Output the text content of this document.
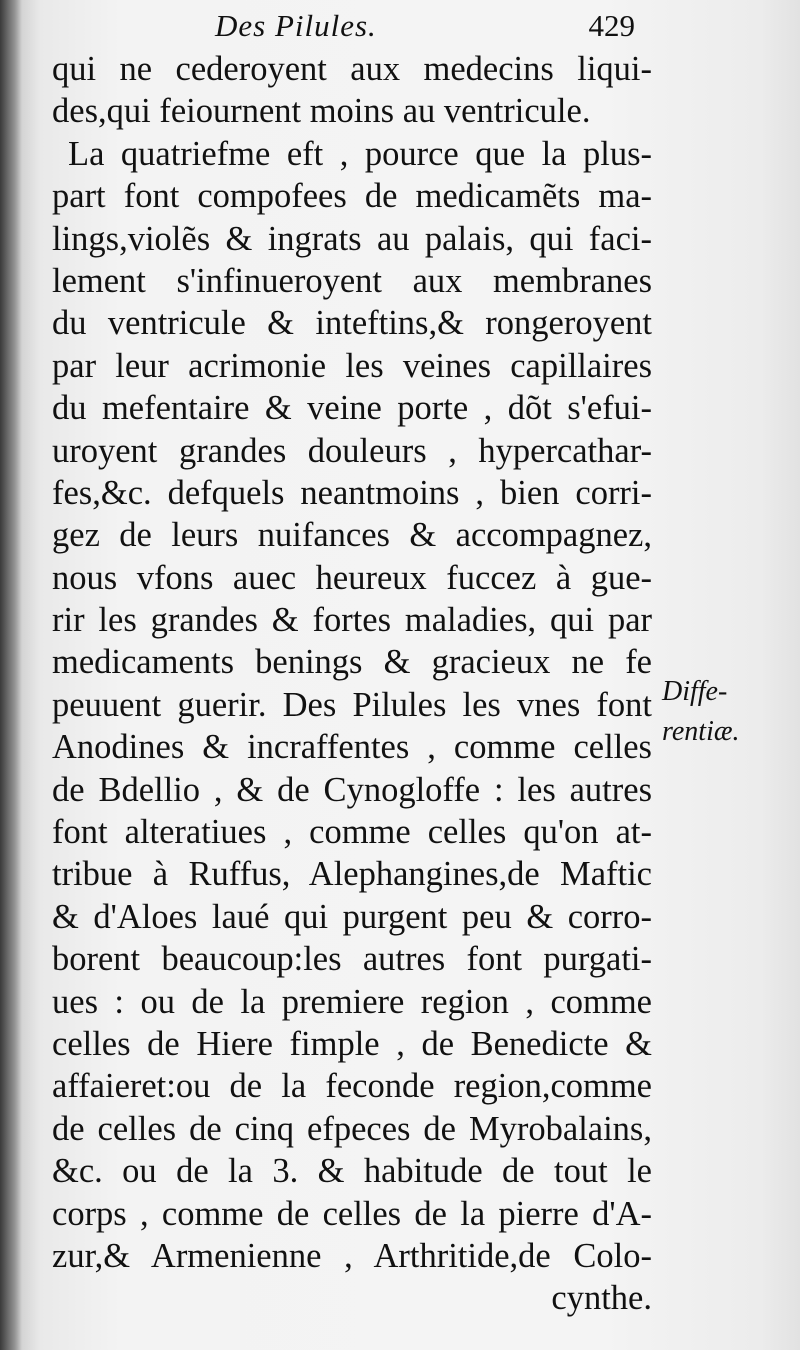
Des Pilules.	429
qui ne cederoyent aux medecins liqui-
des,qui feiournent moins au ventricule.
La quatriefme eft , pource que la plus-
part font compofees de medicamẽts ma-
lings,violẽs & ingrats au palais, qui faci-
lement s'infinueroyent aux membranes
du ventricule & inteftins,& rongeroyent
par leur acrimonie les veines capillaires
du mefentaire & veine porte , dõt s'efui-
uroyent grandes douleurs , hypercathar-
fes,&c. defquels neantmoins , bien corri-
gez de leurs nuifances & accompagnez,
nous vfons auec heureux fuccez à gue-
rir les grandes & fortes maladies, qui par
medicaments benings & gracieux ne fe
peuuent guerir. Des Pilules les vnes font
Anodines & incraffentes , comme celles
de Bdellio , & de Cynogloffe : les autres
font alteratiues , comme celles qu'on at-
tribue à Ruffus, Alephangines,de Maftic
& d'Aloes laué qui purgent peu & corro-
borent beaucoup:les autres font purgati-
ues : ou de la premiere region , comme
celles de Hiere fimple , de Benedicte &
affaieret:ou de la feconde region,comme
de celles de cinq efpeces de Myrobalains,
&c. ou de la 3. & habitude de tout le
corps , comme de celles de la pierre d'A-
zur,& Armenienne , Arthritide,de Colo-
cynthe.
Diffe-
rentiæ.
